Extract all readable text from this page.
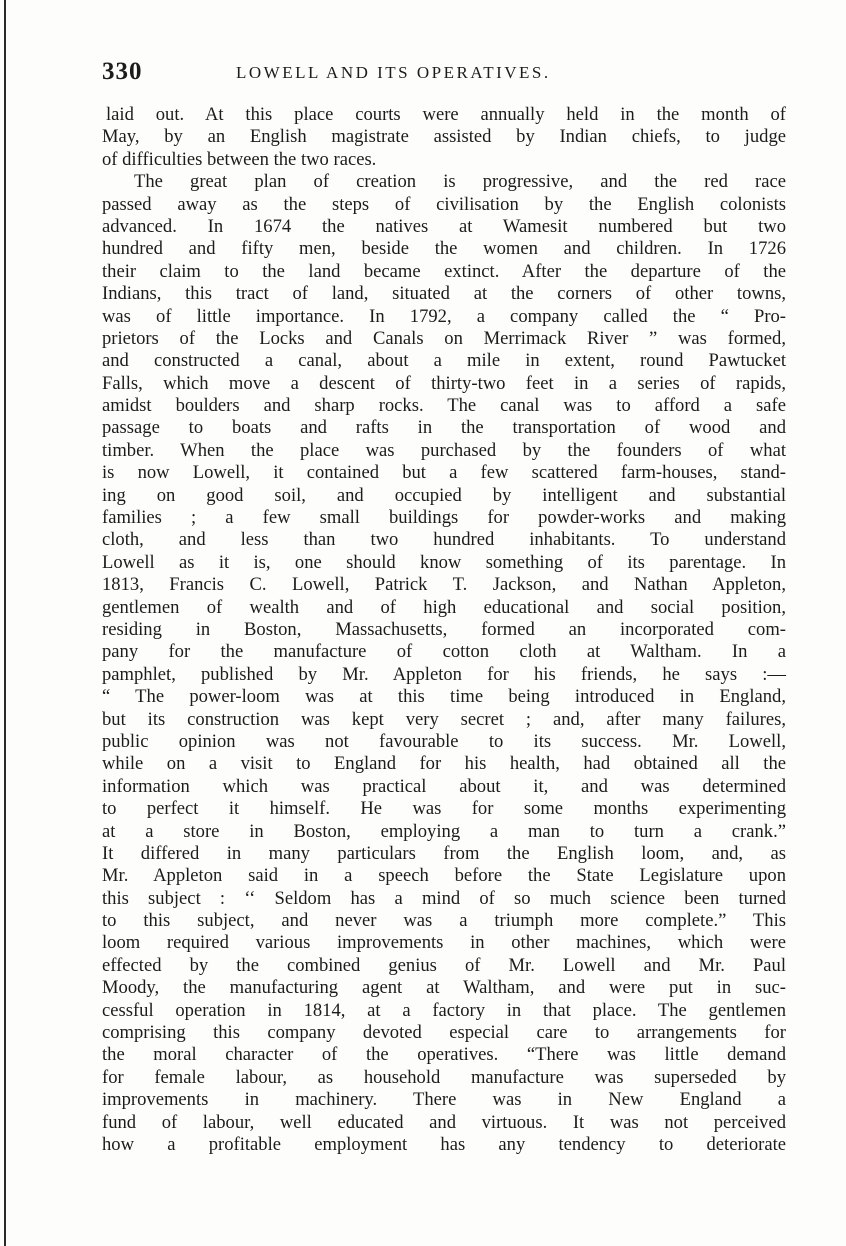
330	LOWELL AND ITS OPERATIVES.
laid out. At this place courts were annually held in the month of
May, by an English magistrate assisted by Indian chiefs, to judge
of difficulties between the two races.
The great plan of creation is progressive, and the red race
passed away as the steps of civilisation by the English colonists
advanced. In 1674 the natives at Wamesit numbered but two
hundred and fifty men, beside the women and children. In 1726
their claim to the land became extinct. After the departure of the
Indians, this tract of land, situated at the corners of other towns,
was of little importance. In 1792, a company called the “ Pro-
prietors of the Locks and Canals on Merrimack River ” was formed,
and constructed a canal, about a mile in extent, round Pawtucket
Falls, which move a descent of thirty-two feet in a series of rapids,
amidst boulders and sharp rocks. The canal was to afford a safe
passage to boats and rafts in the transportation of wood and
timber. When the place was purchased by the founders of what
is now Lowell, it contained but a few scattered farm-houses, stand-
ing on good soil, and occupied by intelligent and substantial
families ; a few small buildings for powder-works and making
cloth, and less than two hundred inhabitants. To understand
Lowell as it is, one should know something of its parentage. In
1813, Francis C. Lowell, Patrick T. Jackson, and Nathan Appleton,
gentlemen of wealth and of high educational and social position,
residing in Boston, Massachusetts, formed an incorporated com-
pany for the manufacture of cotton cloth at Waltham. In a
pamphlet, published by Mr. Appleton for his friends, he says :—
“ The power-loom was at this time being introduced in England,
but its construction was kept very secret ; and, after many failures,
public opinion was not favourable to its success. Mr. Lowell,
while on a visit to England for his health, had obtained all the
information which was practical about it, and was determined
to perfect it himself. He was for some months experimenting
at a store in Boston, employing a man to turn a crank.”
It differed in many particulars from the English loom, and, as
Mr. Appleton said in a speech before the State Legislature upon
this subject : ‘‘ Seldom has a mind of so much science been turned
to this subject, and never was a triumph more complete.” This
loom required various improvements in other machines, which were
effected by the combined genius of Mr. Lowell and Mr. Paul
Moody, the manufacturing agent at Waltham, and were put in suc-
cessful operation in 1814, at a factory in that place. The gentlemen
comprising this company devoted especial care to arrangements for
the moral character of the operatives. “There was little demand
for female labour, as household manufacture was superseded by
improvements in machinery. There was in New England a
fund of labour, well educated and virtuous. It was not perceived
how a profitable employment has any tendency to deteriorate
